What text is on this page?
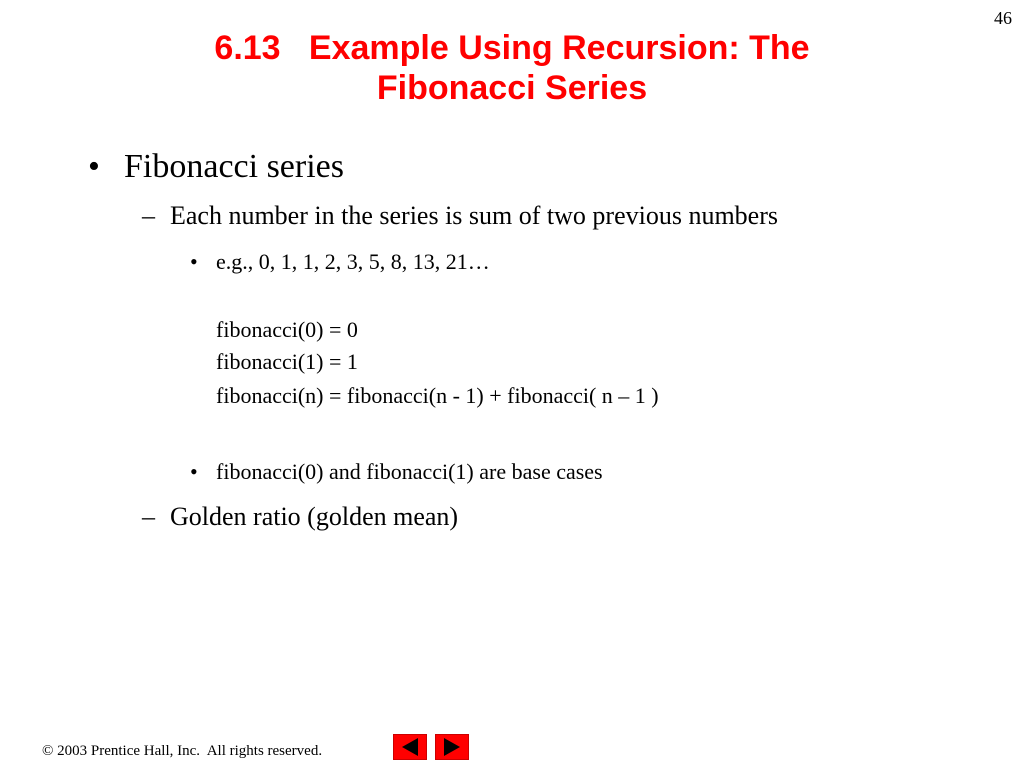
46
6.13   Example Using Recursion: The
Fibonacci Series
• Fibonacci series
– Each number in the series is sum of two previous numbers
• e.g., 0, 1, 1, 2, 3, 5, 8, 13, 21…
fibonacci(0) = 0
fibonacci(1) = 1
fibonacci(n) = fibonacci(n - 1) + fibonacci( n – 1 )
• fibonacci(0) and fibonacci(1) are base cases
– Golden ratio (golden mean)
© 2003 Prentice Hall, Inc.  All rights reserved.
